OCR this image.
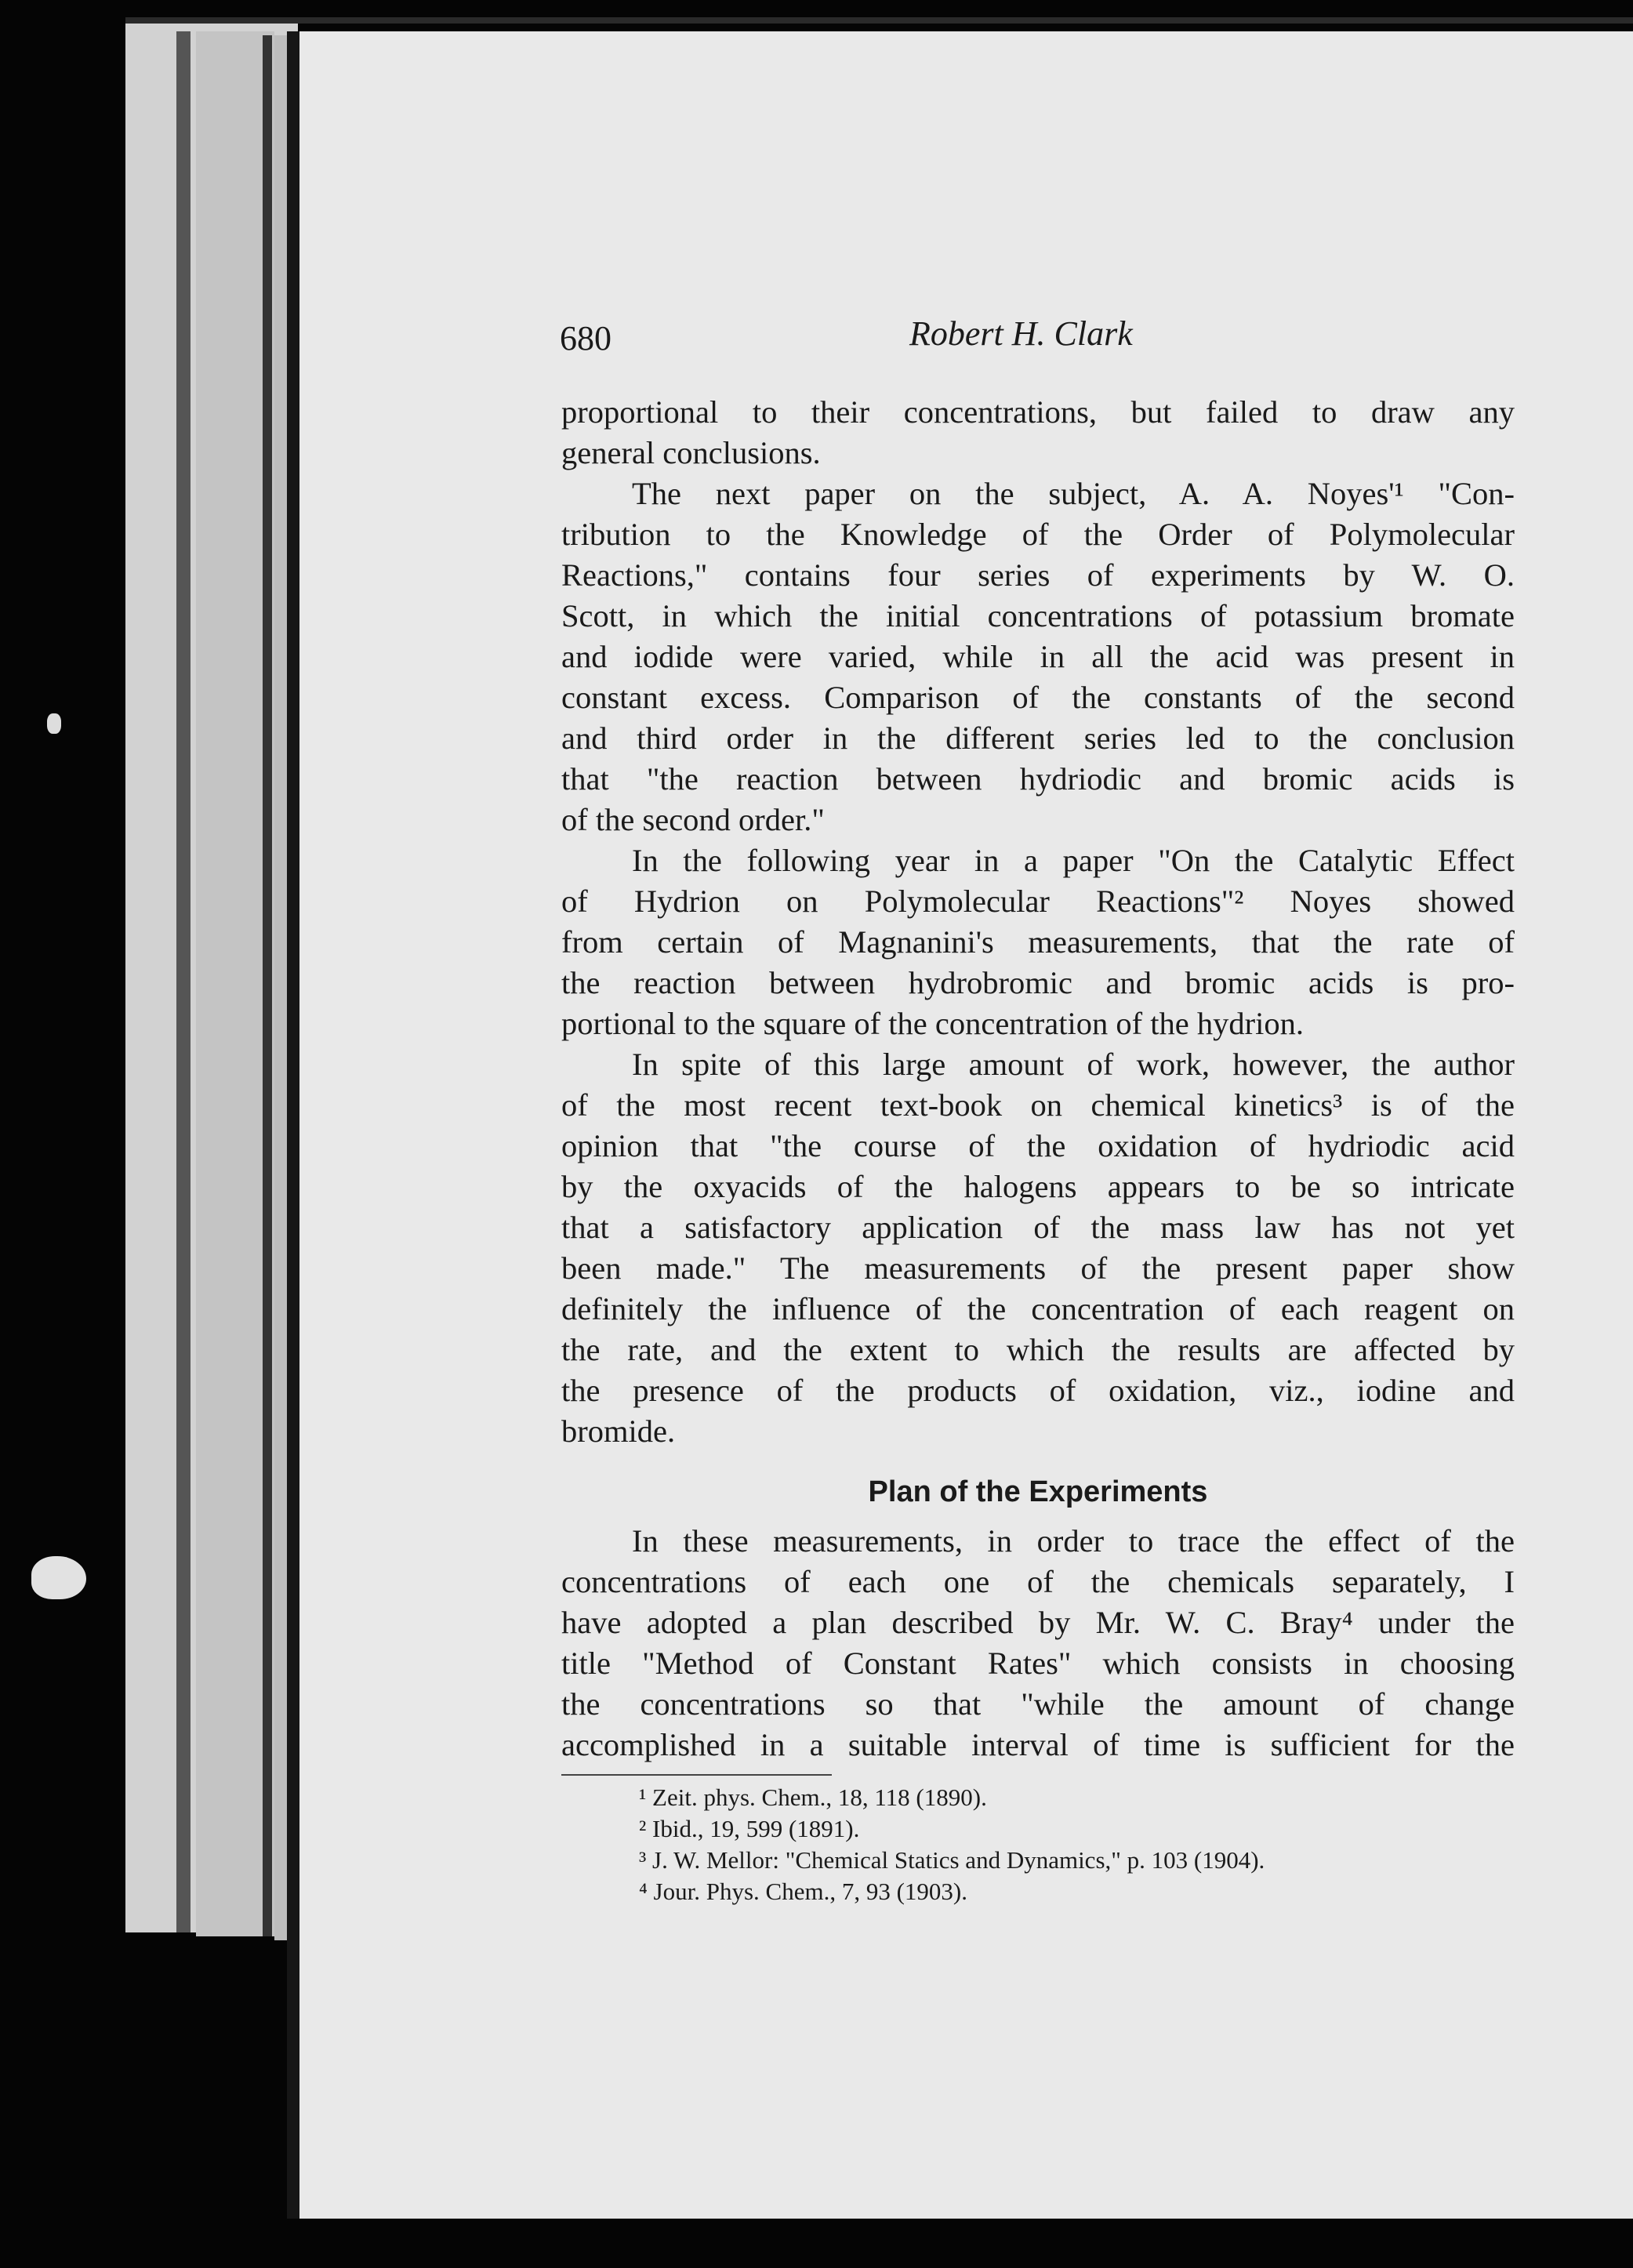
680	Robert H. Clark
proportional to their concentrations, but failed to draw any
general conclusions.
The next paper on the subject, A. A. Noyes'¹ "Con-
tribution to the Knowledge of the Order of Polymolecular
Reactions," contains four series of experiments by W. O.
Scott, in which the initial concentrations of potassium bromate
and iodide were varied, while in all the acid was present in
constant excess. Comparison of the constants of the second
and third order in the different series led to the conclusion
that "the reaction between hydriodic and bromic acids is
of the second order."
In the following year in a paper "On the Catalytic Effect
of Hydrion on Polymolecular Reactions"² Noyes showed
from certain of Magnanini's measurements, that the rate of
the reaction between hydrobromic and bromic acids is pro-
portional to the square of the concentration of the hydrion.
In spite of this large amount of work, however, the author
of the most recent text-book on chemical kinetics³ is of the
opinion that "the course of the oxidation of hydriodic acid
by the oxyacids of the halogens appears to be so intricate
that a satisfactory application of the mass law has not yet
been made." The measurements of the present paper show
definitely the influence of the concentration of each reagent on
the rate, and the extent to which the results are affected by
the presence of the products of oxidation, viz., iodine and
bromide.
Plan of the Experiments
In these measurements, in order to trace the effect of the
concentrations of each one of the chemicals separately, I
have adopted a plan described by Mr. W. C. Bray⁴ under the
title "Method of Constant Rates" which consists in choosing
the concentrations so that "while the amount of change
accomplished in a suitable interval of time is sufficient for the
¹ Zeit. phys. Chem., 18, 118 (1890).
² Ibid., 19, 599 (1891).
³ J. W. Mellor: "Chemical Statics and Dynamics," p. 103 (1904).
⁴ Jour. Phys. Chem., 7, 93 (1903).
